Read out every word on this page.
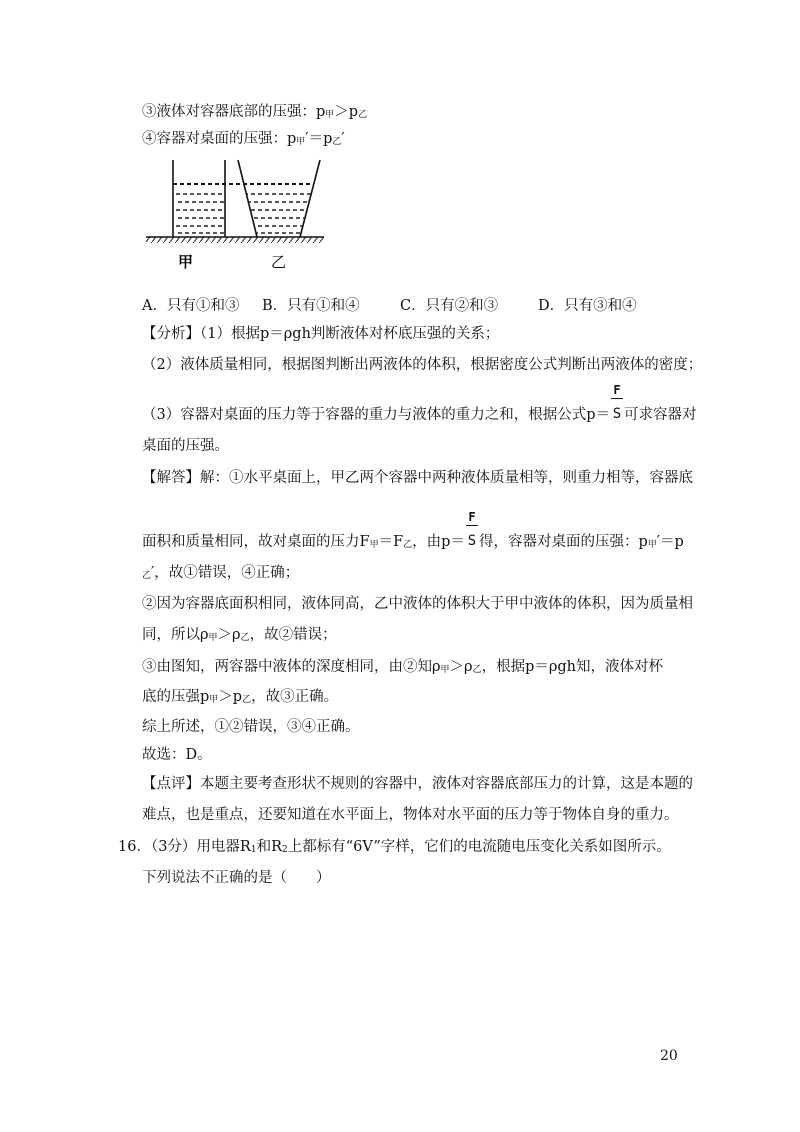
③液体对容器底部的压强：p甲＞p乙
④容器对桌面的压强：p甲′＝p乙′
甲	乙
A．只有①和③ B．只有①和④	C．只有②和③	D．只有③和④
【分析】（1）根据p＝ρgh判断液体对杯底压强的关系；
（2）液体质量相同，根据图判断出两液体的体积，根据密度公式判断出两液体的密度；
（3）容器对桌面的压力等于容器的重力与液体的重力之和，根据公式$p= \frac{F}{S}$ 可求容器对
桌面的压强。
【解答】解：①水平桌面上，甲乙两个容器中两种液体质量相等，则重力相等，容器底
面积和质量相同，故对桌面的压力F甲＝F乙，由$p= \frac{F}{S}$ 得，容器对桌面的压强：p甲′＝p
乙′，故①错误，④正确；
②因为容器底面积相同，液体同高，乙中液体的体积大于甲中液体的体积，因为质量相
同，所以ρ甲＞ρ乙，故②错误；
③由图知，两容器中液体的深度相同，由②知ρ甲＞ρ乙，根据p＝ρgh知，液体对杯
底的压强p甲＞p乙，故③正确。
综上所述，①②错误，③④正确。
故选：D。
【点评】本题主要考查形状不规则的容器中，液体对容器底部压力的计算，这是本题的
难点，也是重点，还要知道在水平面上，物体对水平面的压力等于物体自身的重力。
16．（3分）用电器R1和R2上都标有“6V”字样，它们的电流随电压变化关系如图所示。
下列说法不正确的是（　　）
20
